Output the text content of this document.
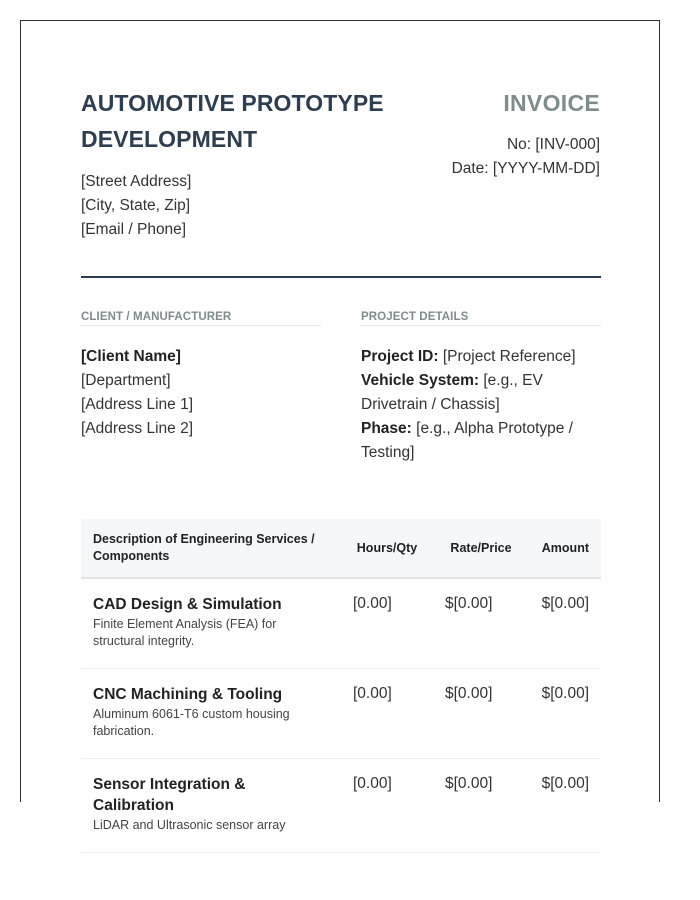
AUTOMOTIVE PROTOTYPE DEVELOPMENT
[Street Address]
[City, State, Zip]
[Email / Phone]
INVOICE
No: [INV-000]
Date: [YYYY-MM-DD]
CLIENT / MANUFACTURER	PROJECT DETAILS
[Client Name]
[Department]
[Address Line 1]
[Address Line 2]
Project ID: [Project Reference]
Vehicle System: [e.g., EV Drivetrain / Chassis]
Phase: [e.g., Alpha Prototype / Testing]
Description of Engineering Services / Components	Hours/Qty	Rate/Price	Amount

CAD Design & Simulation
Finite Element Analysis (FEA) for structural integrity.	[0.00]	$[0.00]	$[0.00]

CNC Machining & Tooling
Aluminum 6061-T6 custom housing fabrication.	[0.00]	$[0.00]	$[0.00]

Sensor Integration & Calibration
LiDAR and Ultrasonic sensor array	[0.00]	$[0.00]	$[0.00]
